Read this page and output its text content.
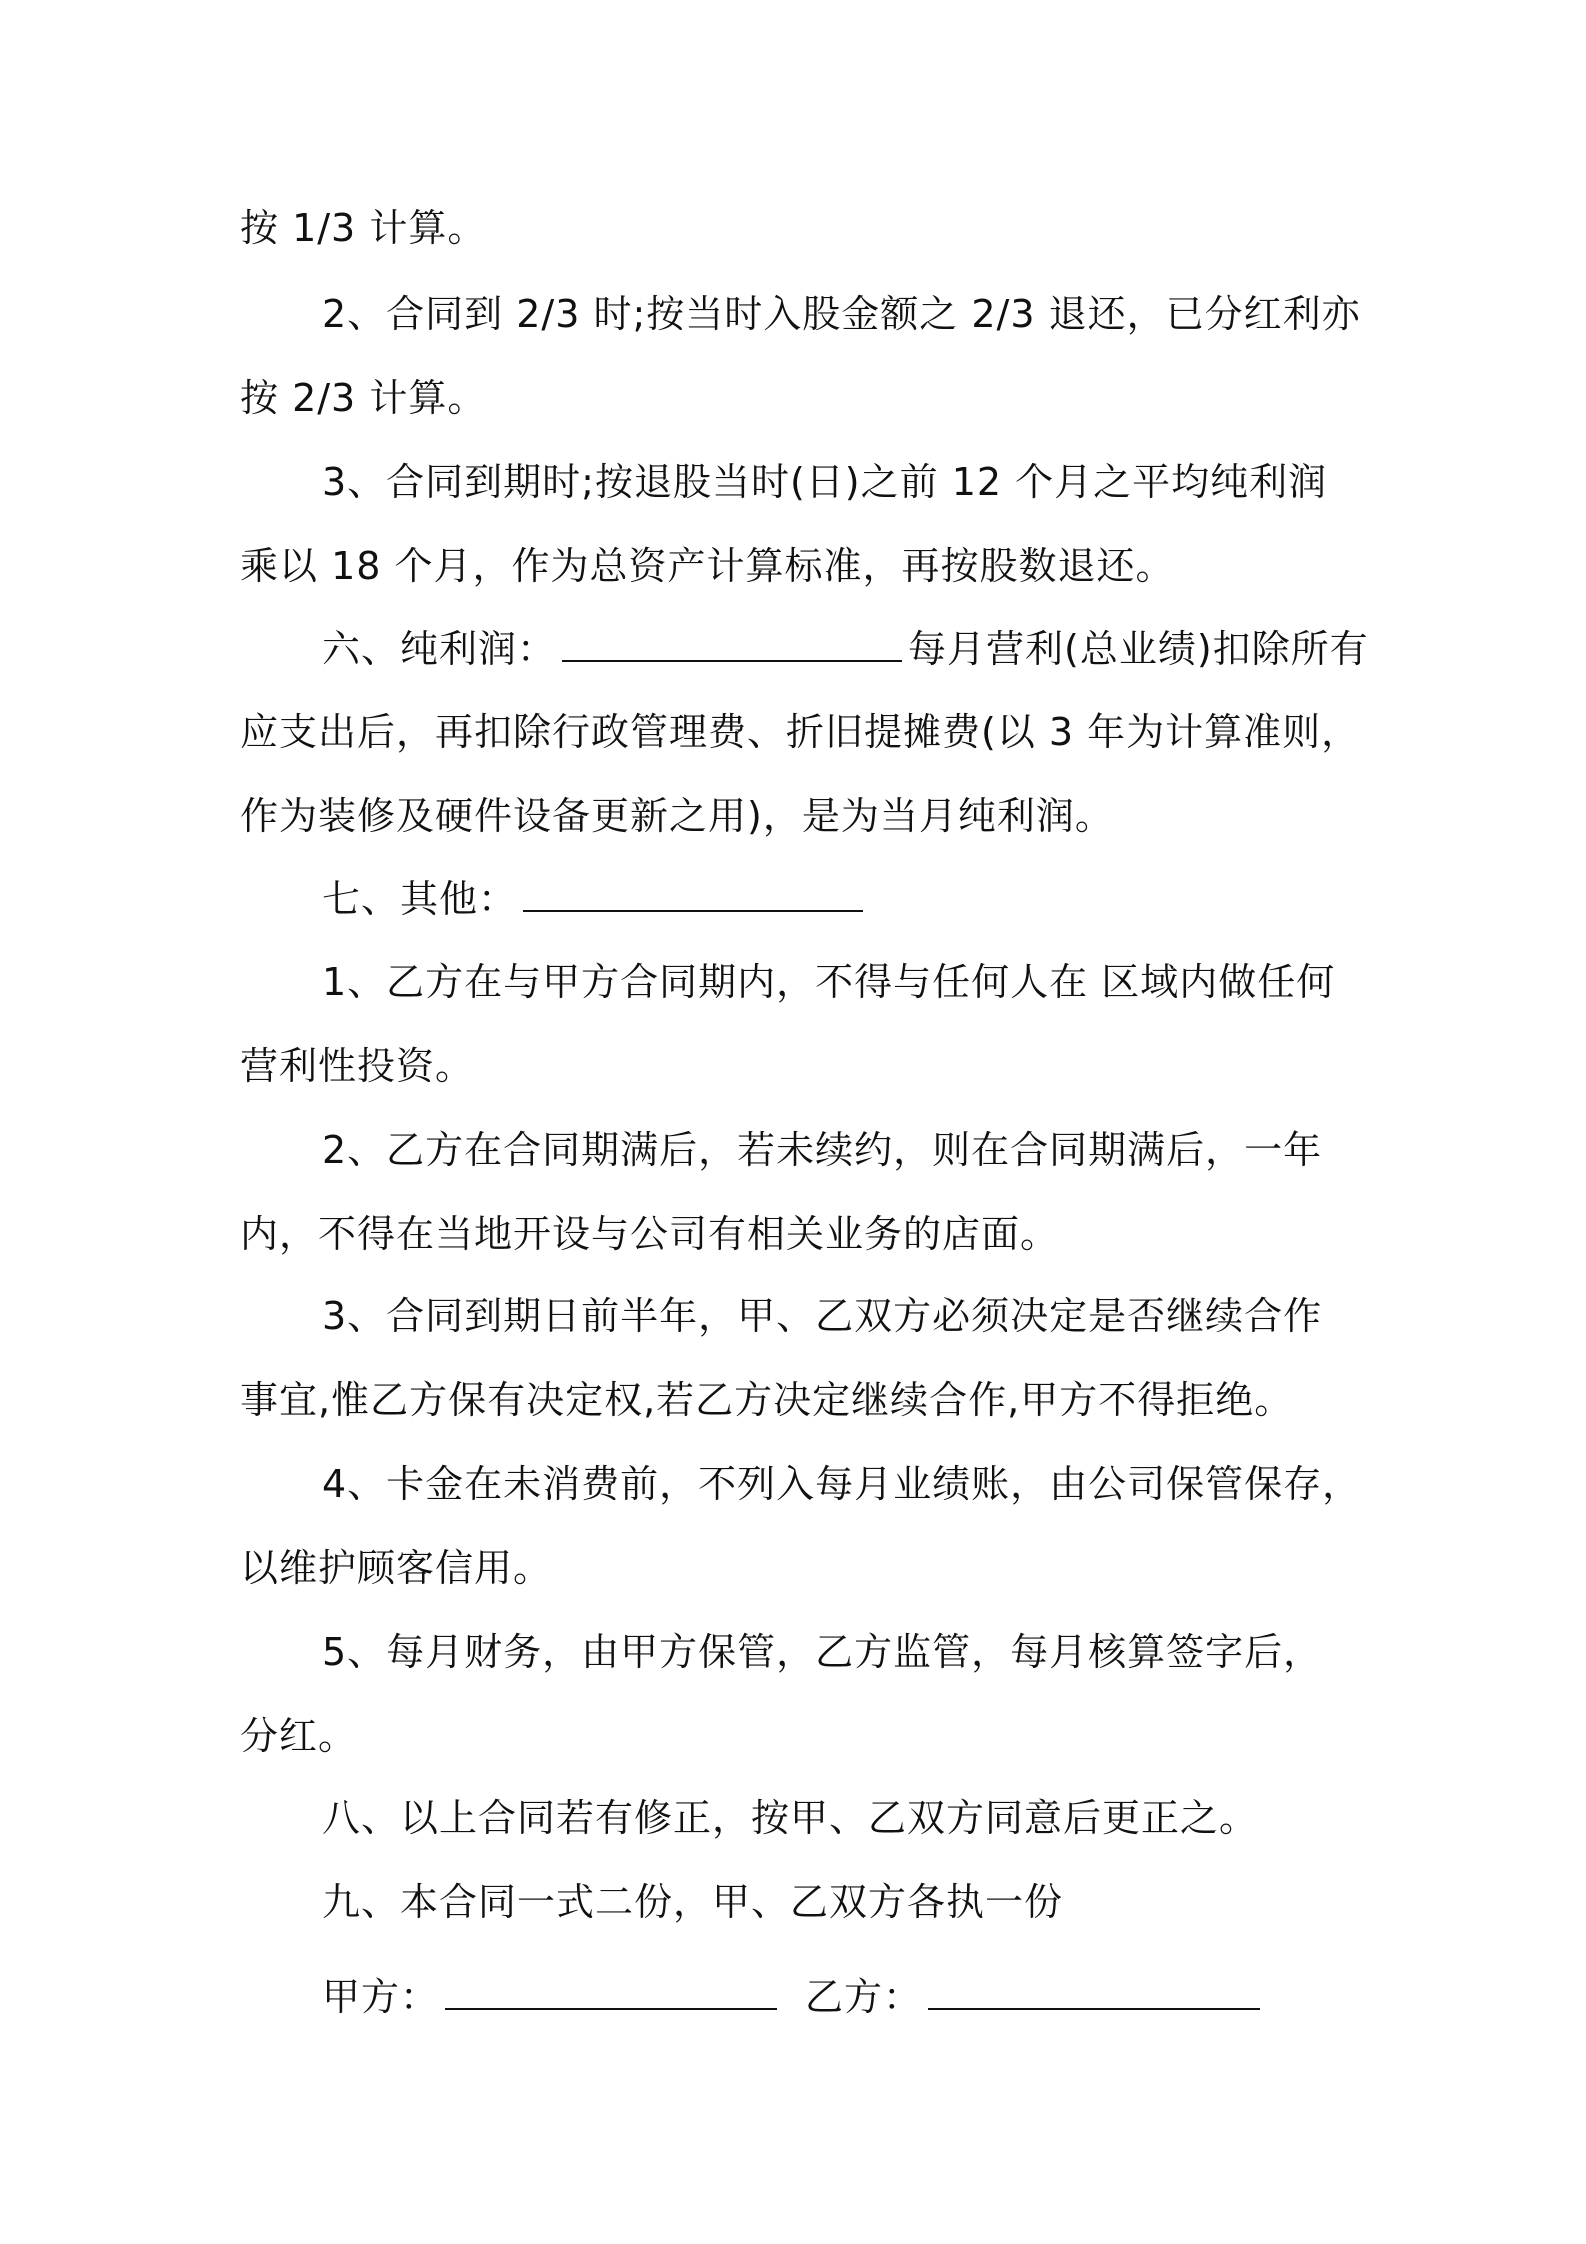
按 1/3 计算。
2、合同到 2/3 时;按当时入股金额之 2/3 退还，已分红利亦
按 2/3 计算。
3、合同到期时;按退股当时(日)之前 12 个月之平均纯利润
乘以 18 个月，作为总资产计算标准，再按股数退还。
六、纯利润：	每月营利(总业绩)扣除所有
应支出后，再扣除行政管理费、折旧提摊费(以 3 年为计算准则，
作为装修及硬件设备更新之用)，是为当月纯利润。
七、其他：
1、乙方在与甲方合同期内，不得与任何人在 区域内做任何
营利性投资。
2、乙方在合同期满后，若未续约，则在合同期满后，一年
内，不得在当地开设与公司有相关业务的店面。
3、合同到期日前半年，甲、乙双方必须决定是否继续合作
事宜,惟乙方保有决定权,若乙方决定继续合作,甲方不得拒绝。
4、卡金在未消费前，不列入每月业绩账，由公司保管保存，
以维护顾客信用。
5、每月财务，由甲方保管，乙方监管，每月核算签字后，
分红。
八、以上合同若有修正，按甲、乙双方同意后更正之。
九、本合同一式二份，甲、乙双方各执一份
甲方：	乙方：
